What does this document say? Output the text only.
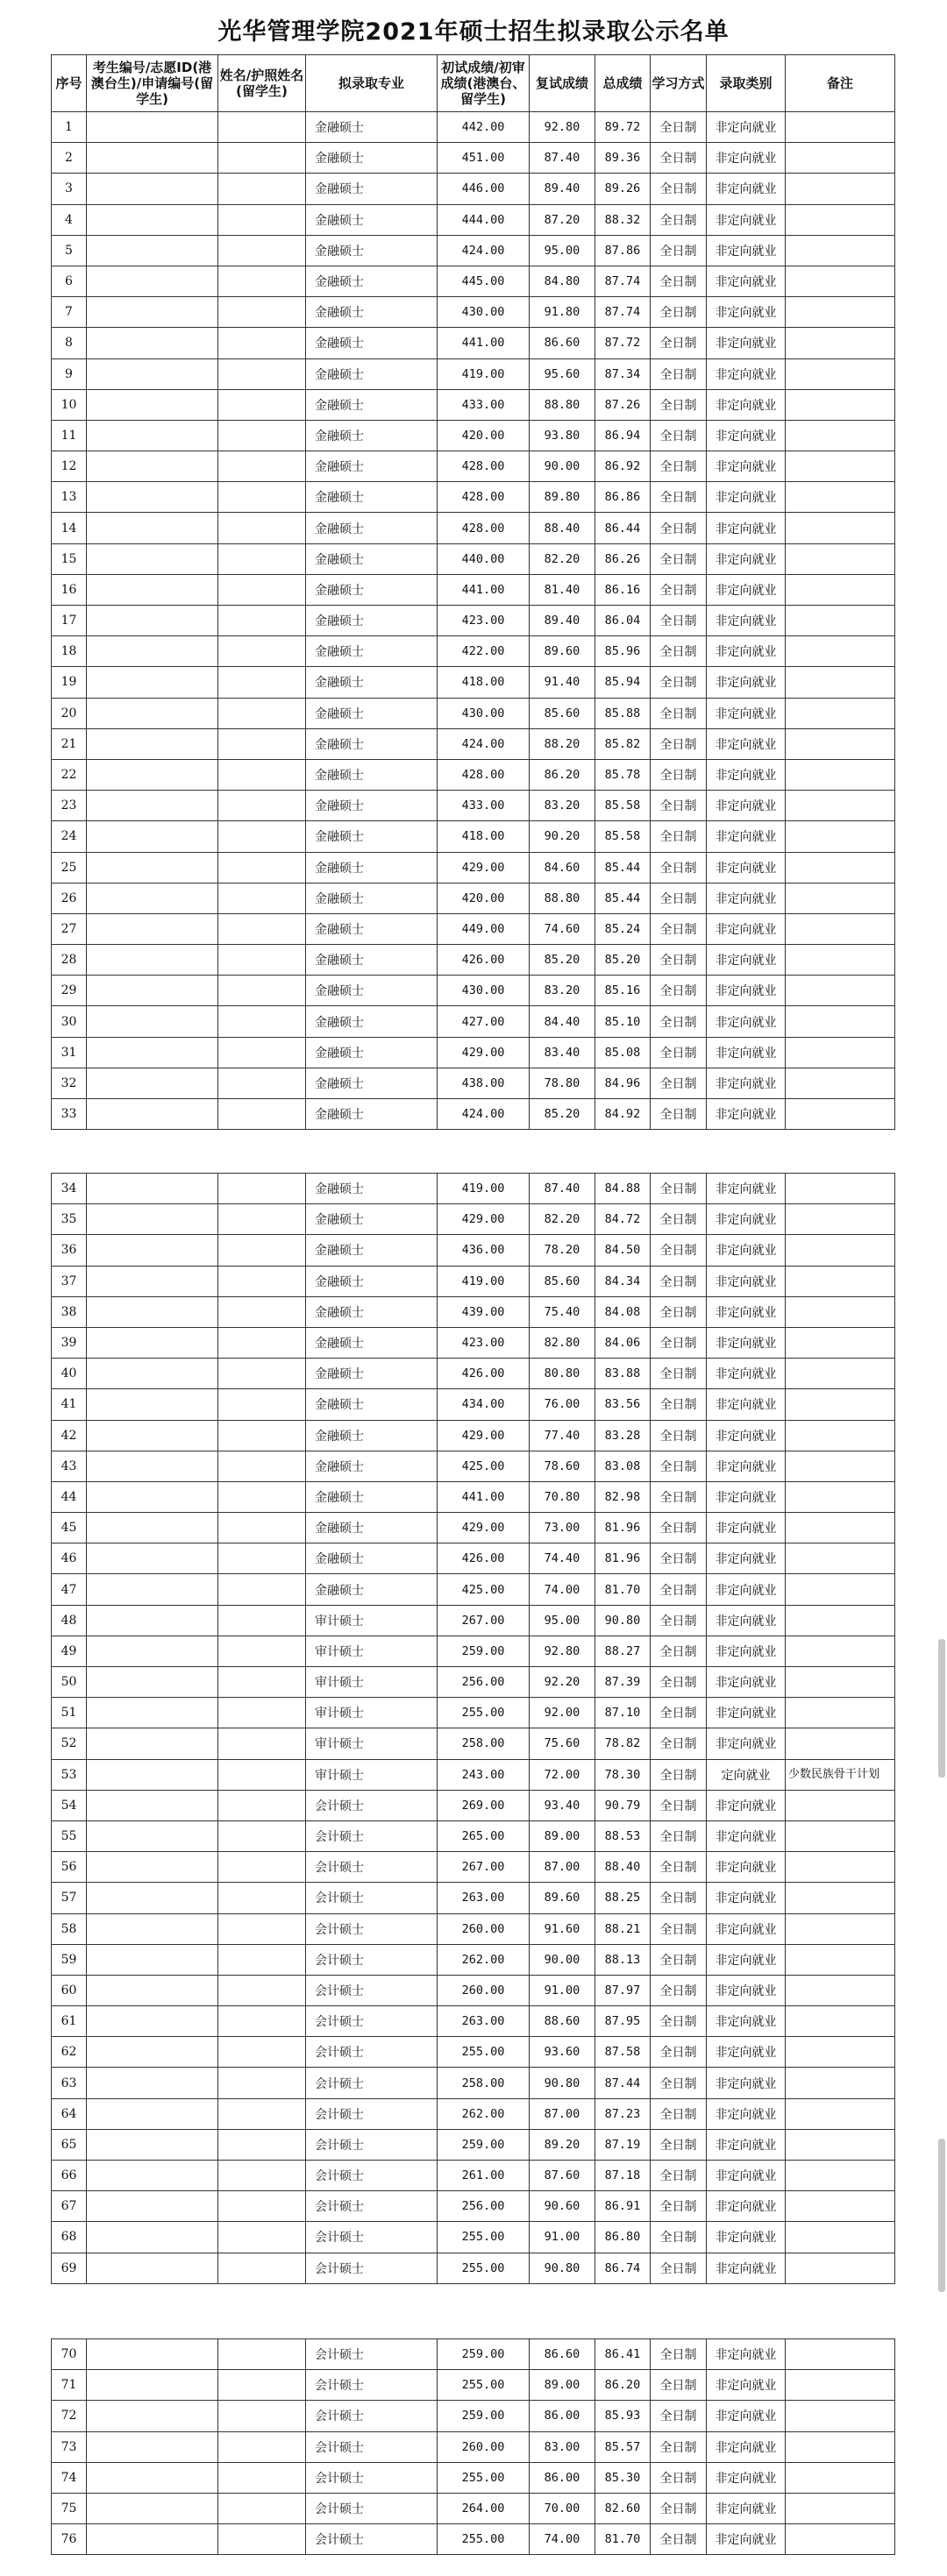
光华管理学院2021年硕士招生拟录取公示名单
序号	考生编号/志愿ID(港澳台生)/申请编号(留学生)	姓名/护照姓名(留学生)	拟录取专业	初试成绩/初审成绩(港澳台、留学生)	复试成绩	总成绩	学习方式	录取类别	备注
1			金融硕士	442.00	92.80	89.72	全日制	非定向就业	
2			金融硕士	451.00	87.40	89.36	全日制	非定向就业	
3			金融硕士	446.00	89.40	89.26	全日制	非定向就业	
4			金融硕士	444.00	87.20	88.32	全日制	非定向就业	
5			金融硕士	424.00	95.00	87.86	全日制	非定向就业	
6			金融硕士	445.00	84.80	87.74	全日制	非定向就业	
7			金融硕士	430.00	91.80	87.74	全日制	非定向就业	
8			金融硕士	441.00	86.60	87.72	全日制	非定向就业	
9			金融硕士	419.00	95.60	87.34	全日制	非定向就业	
10			金融硕士	433.00	88.80	87.26	全日制	非定向就业	
11			金融硕士	420.00	93.80	86.94	全日制	非定向就业	
12			金融硕士	428.00	90.00	86.92	全日制	非定向就业	
13			金融硕士	428.00	89.80	86.86	全日制	非定向就业	
14			金融硕士	428.00	88.40	86.44	全日制	非定向就业	
15			金融硕士	440.00	82.20	86.26	全日制	非定向就业	
16			金融硕士	441.00	81.40	86.16	全日制	非定向就业	
17			金融硕士	423.00	89.40	86.04	全日制	非定向就业	
18			金融硕士	422.00	89.60	85.96	全日制	非定向就业	
19			金融硕士	418.00	91.40	85.94	全日制	非定向就业	
20			金融硕士	430.00	85.60	85.88	全日制	非定向就业	
21			金融硕士	424.00	88.20	85.82	全日制	非定向就业	
22			金融硕士	428.00	86.20	85.78	全日制	非定向就业	
23			金融硕士	433.00	83.20	85.58	全日制	非定向就业	
24			金融硕士	418.00	90.20	85.58	全日制	非定向就业	
25			金融硕士	429.00	84.60	85.44	全日制	非定向就业	
26			金融硕士	420.00	88.80	85.44	全日制	非定向就业	
27			金融硕士	449.00	74.60	85.24	全日制	非定向就业	
28			金融硕士	426.00	85.20	85.20	全日制	非定向就业	
29			金融硕士	430.00	83.20	85.16	全日制	非定向就业	
30			金融硕士	427.00	84.40	85.10	全日制	非定向就业	
31			金融硕士	429.00	83.40	85.08	全日制	非定向就业	
32			金融硕士	438.00	78.80	84.96	全日制	非定向就业	
33			金融硕士	424.00	85.20	84.92	全日制	非定向就业	
34			金融硕士	419.00	87.40	84.88	全日制	非定向就业	
35			金融硕士	429.00	82.20	84.72	全日制	非定向就业	
36			金融硕士	436.00	78.20	84.50	全日制	非定向就业	
37			金融硕士	419.00	85.60	84.34	全日制	非定向就业	
38			金融硕士	439.00	75.40	84.08	全日制	非定向就业	
39			金融硕士	423.00	82.80	84.06	全日制	非定向就业	
40			金融硕士	426.00	80.80	83.88	全日制	非定向就业	
41			金融硕士	434.00	76.00	83.56	全日制	非定向就业	
42			金融硕士	429.00	77.40	83.28	全日制	非定向就业	
43			金融硕士	425.00	78.60	83.08	全日制	非定向就业	
44			金融硕士	441.00	70.80	82.98	全日制	非定向就业	
45			金融硕士	429.00	73.00	81.96	全日制	非定向就业	
46			金融硕士	426.00	74.40	81.96	全日制	非定向就业	
47			金融硕士	425.00	74.00	81.70	全日制	非定向就业	
48			审计硕士	267.00	95.00	90.80	全日制	非定向就业	
49			审计硕士	259.00	92.80	88.27	全日制	非定向就业	
50			审计硕士	256.00	92.20	87.39	全日制	非定向就业	
51			审计硕士	255.00	92.00	87.10	全日制	非定向就业	
52			审计硕士	258.00	75.60	78.82	全日制	非定向就业	
53			审计硕士	243.00	72.00	78.30	全日制	定向就业	少数民族骨干计划
54			会计硕士	269.00	93.40	90.79	全日制	非定向就业	
55			会计硕士	265.00	89.00	88.53	全日制	非定向就业	
56			会计硕士	267.00	87.00	88.40	全日制	非定向就业	
57			会计硕士	263.00	89.60	88.25	全日制	非定向就业	
58			会计硕士	260.00	91.60	88.21	全日制	非定向就业	
59			会计硕士	262.00	90.00	88.13	全日制	非定向就业	
60			会计硕士	260.00	91.00	87.97	全日制	非定向就业	
61			会计硕士	263.00	88.60	87.95	全日制	非定向就业	
62			会计硕士	255.00	93.60	87.58	全日制	非定向就业	
63			会计硕士	258.00	90.80	87.44	全日制	非定向就业	
64			会计硕士	262.00	87.00	87.23	全日制	非定向就业	
65			会计硕士	259.00	89.20	87.19	全日制	非定向就业	
66			会计硕士	261.00	87.60	87.18	全日制	非定向就业	
67			会计硕士	256.00	90.60	86.91	全日制	非定向就业	
68			会计硕士	255.00	91.00	86.80	全日制	非定向就业	
69			会计硕士	255.00	90.80	86.74	全日制	非定向就业	
70			会计硕士	259.00	86.60	86.41	全日制	非定向就业	
71			会计硕士	255.00	89.00	86.20	全日制	非定向就业	
72			会计硕士	259.00	86.00	85.93	全日制	非定向就业	
73			会计硕士	260.00	83.00	85.57	全日制	非定向就业	
74			会计硕士	255.00	86.00	85.30	全日制	非定向就业	
75			会计硕士	264.00	70.00	82.60	全日制	非定向就业	
76			会计硕士	255.00	74.00	81.70	全日制	非定向就业	
